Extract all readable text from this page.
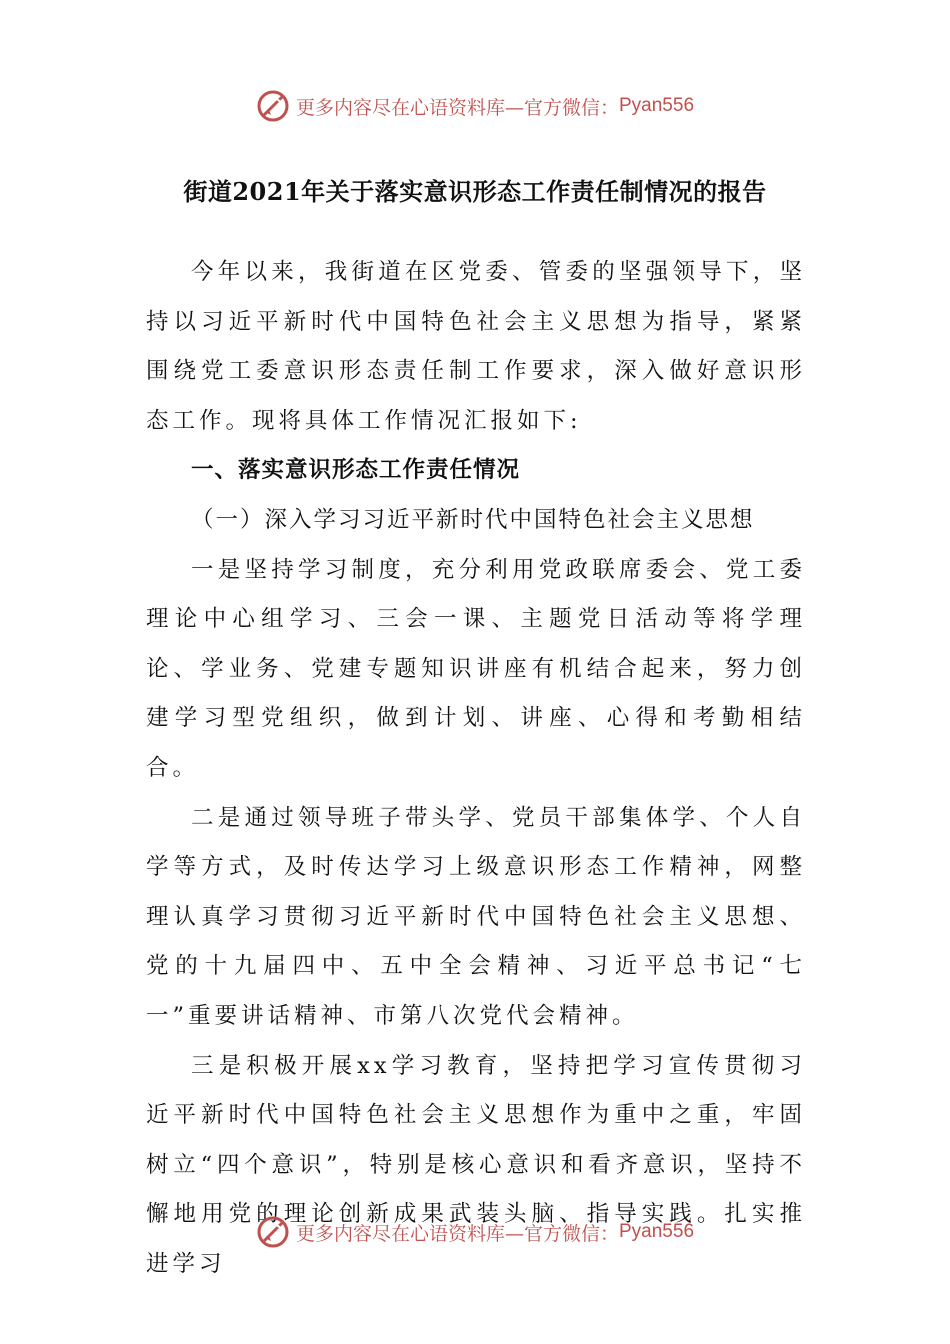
更多内容尽在心语资料库—官方微信： Pyan556
街道2021年关于落实意识形态工作责任制情况的报告

今年以来，我街道在区党委、管委的坚强领导下，坚持以习近平新时代中国特色社会主义思想为指导，紧紧围绕党工委意识形态责任制工作要求，深入做好意识形态工作。现将具体工作情况汇报如下:

一、落实意识形态工作责任情况

（一）深入学习习近平新时代中国特色社会主义思想

一是坚持学习制度，充分利用党政联席委会、党工委理论中心组学习、三会一课、主题党日活动等将学理论、学业务、党建专题知识讲座有机结合起来，努力创建学习型党组织，做到计划、讲座、心得和考勤相结合。

二是通过领导班子带头学、党员干部集体学、个人自学等方式，及时传达学习上级意识形态工作精神，网整理认真学习贯彻习近平新时代中国特色社会主义思想、党的十九届四中、五中全会精神、习近平总书记“七一”重要讲话精神、市第八次党代会精神。

三是积极开展xx学习教育，坚持把学习宣传贯彻习近平新时代中国特色社会主义思想作为重中之重，牢固树立“四个意识”，特别是核心意识和看齐意识，坚持不懈地用党的理论创新成果武装头脑、指导实践。扎实推进学习

更多内容尽在心语资料库—官方微信： Pyan556
